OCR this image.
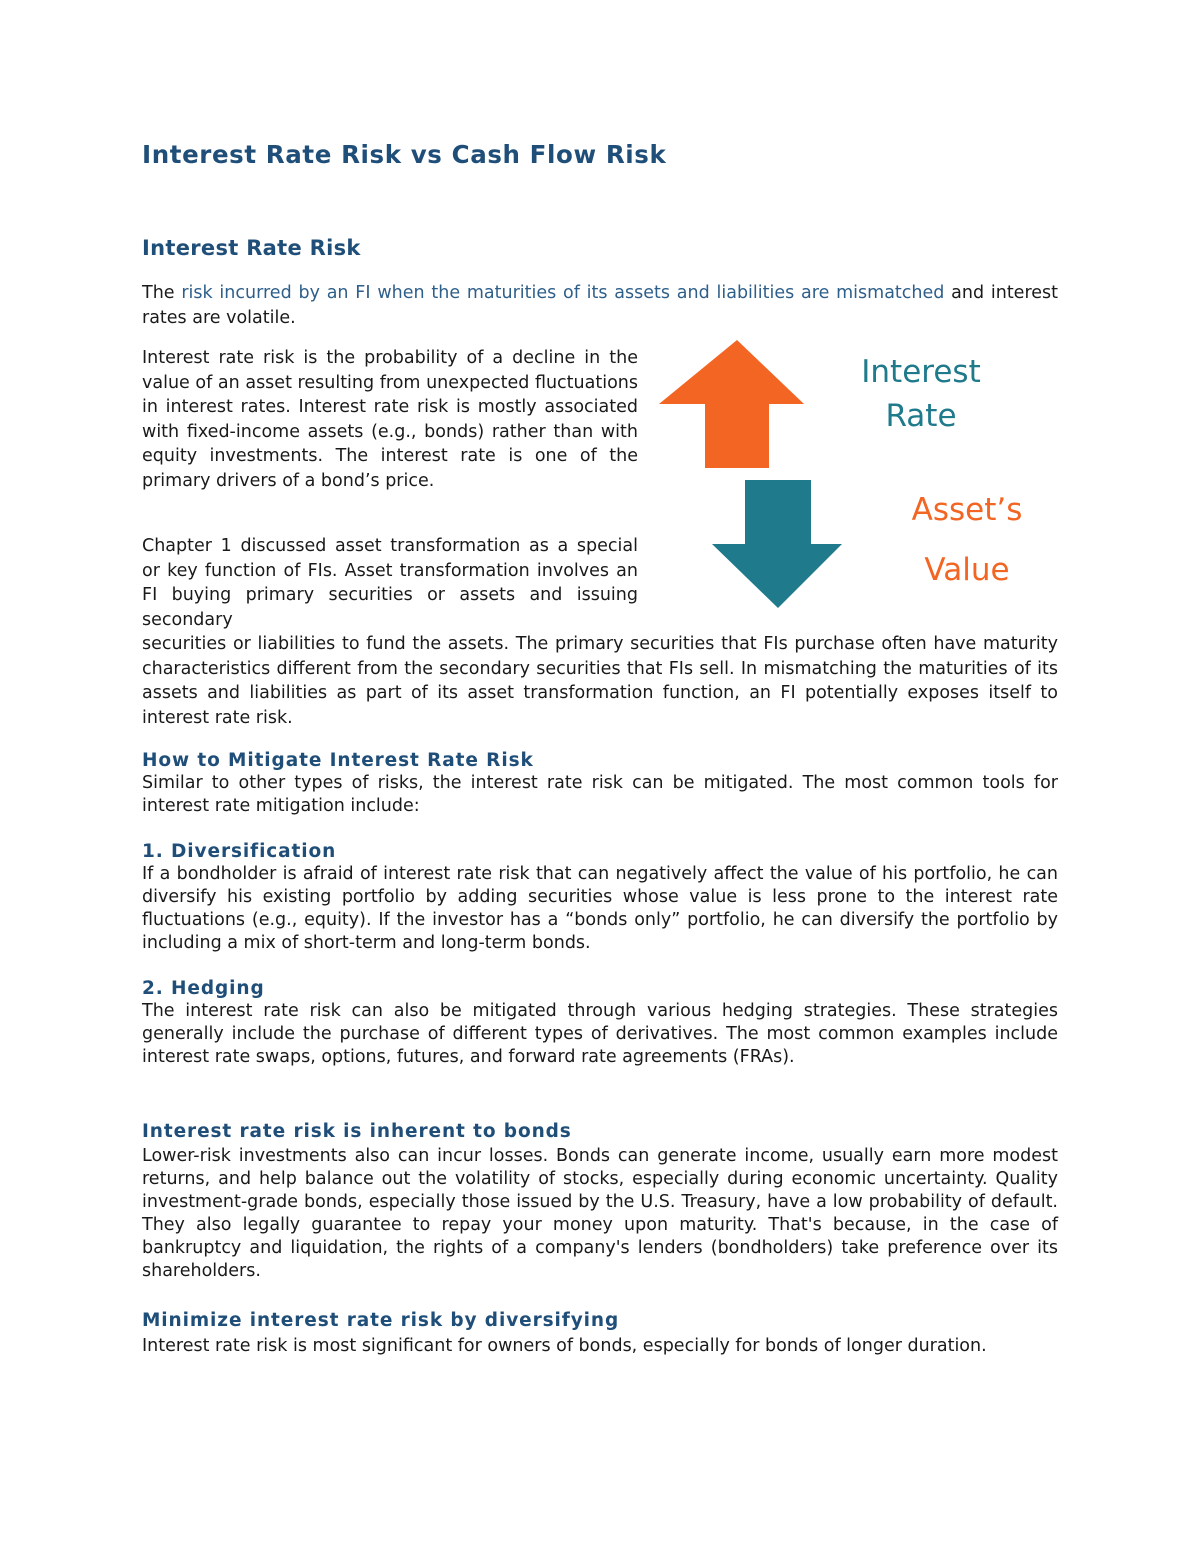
Interest Rate Risk vs Cash Flow Risk
Interest Rate Risk

The risk incurred by an FI when the maturities of its assets and liabilities are mismatched and interest rates are volatile.

Interest rate risk is the probability of a decline in the value of an asset resulting from unexpected fluctuations in interest rates. Interest rate risk is mostly associated with fixed-income assets (e.g., bonds) rather than with equity investments. The interest rate is one of the primary drivers of a bond’s price.

Chapter 1 discussed asset transformation as a special or key function of FIs. Asset transformation involves an FI buying primary securities or assets and issuing secondary

securities or liabilities to fund the assets. The primary securities that FIs purchase often have maturity characteristics different from the secondary securities that FIs sell. In mismatching the maturities of its assets and liabilities as part of its asset transformation function, an FI potentially exposes itself to interest rate risk.

Interest
Rate
Asset’s
Value
How to Mitigate Interest Rate Risk

Similar to other types of risks, the interest rate risk can be mitigated. The most common tools for interest rate mitigation include:

1. Diversification

If a bondholder is afraid of interest rate risk that can negatively affect the value of his portfolio, he can diversify his existing portfolio by adding securities whose value is less prone to the interest rate fluctuations (e.g., equity). If the investor has a “bonds only” portfolio, he can diversify the portfolio by including a mix of short-term and long-term bonds.

2. Hedging

The interest rate risk can also be mitigated through various hedging strategies. These strategies generally include the purchase of different types of derivatives. The most common examples include interest rate swaps, options, futures, and forward rate agreements (FRAs).

Interest rate risk is inherent to bonds

Lower-risk investments also can incur losses. Bonds can generate income, usually earn more modest returns, and help balance out the volatility of stocks, especially during economic uncertainty. Quality investment-grade bonds, especially those issued by the U.S. Treasury, have a low probability of default. They also legally guarantee to repay your money upon maturity. That's because, in the case of bankruptcy and liquidation, the rights of a company's lenders (bondholders) take preference over its shareholders.

Minimize interest rate risk by diversifying

Interest rate risk is most significant for owners of bonds, especially for bonds of longer duration.
